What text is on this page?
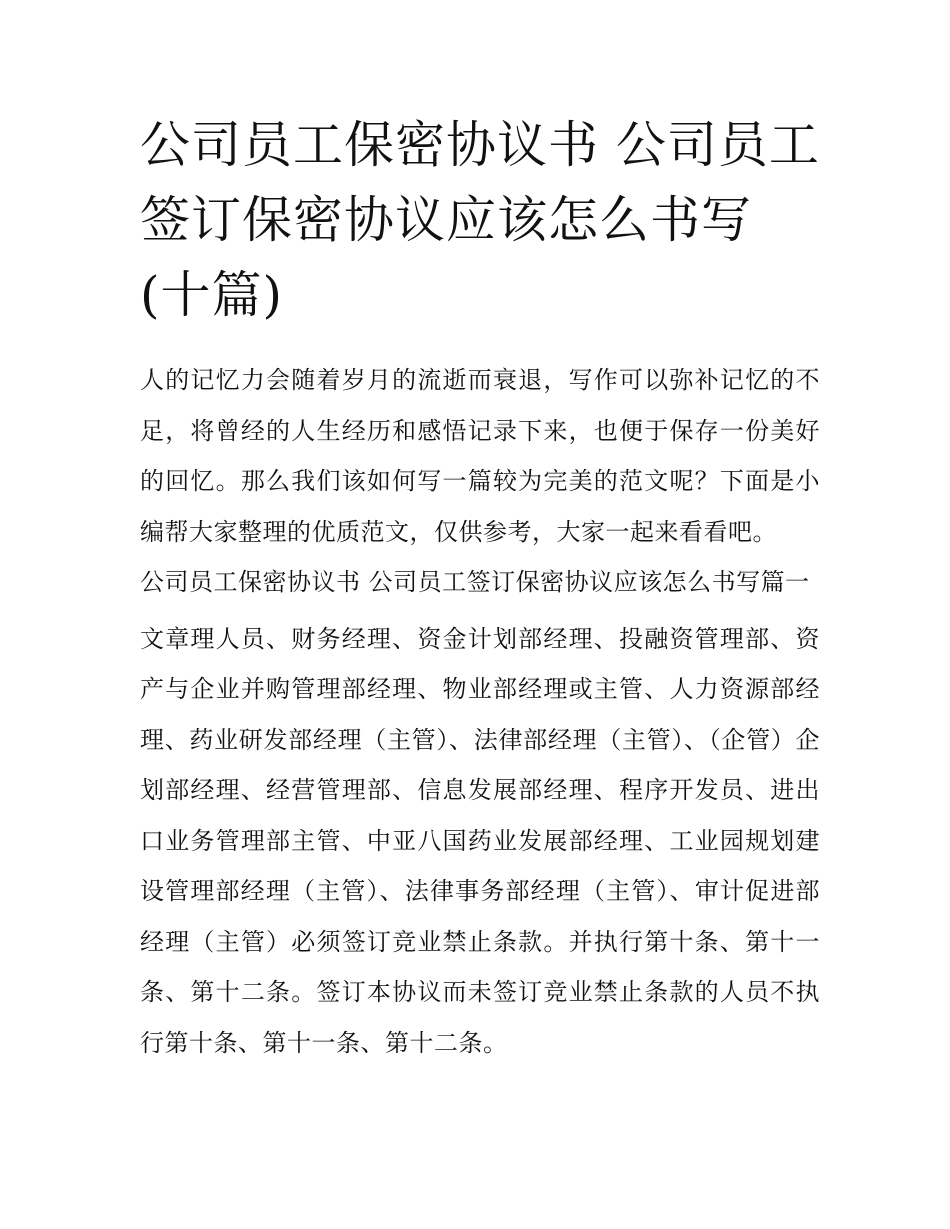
公司员工保密协议书 公司员工签订保密协议应该怎么书写(十篇)

人的记忆力会随着岁月的流逝而衰退，写作可以弥补记忆的不足，将曾经的人生经历和感悟记录下来，也便于保存一份美好的回忆。那么我们该如何写一篇较为完美的范文呢？下面是小编帮大家整理的优质范文，仅供参考，大家一起来看看吧。

公司员工保密协议书 公司员工签订保密协议应该怎么书写篇一

文章理人员、财务经理、资金计划部经理、投融资管理部、资产与企业并购管理部经理、物业部经理或主管、人力资源部经理、药业研发部经理（主管）、法律部经理（主管）、（企管）企划部经理、经营管理部、信息发展部经理、程序开发员、进出口业务管理部主管、中亚八国药业发展部经理、工业园规划建设管理部经理（主管）、法律事务部经理（主管）、审计促进部经理（主管）必须签订竞业禁止条款。并执行第十条、第十一条、第十二条。签订本协议而未签订竞业禁止条款的人员不执行第十条、第十一条、第十二条。
